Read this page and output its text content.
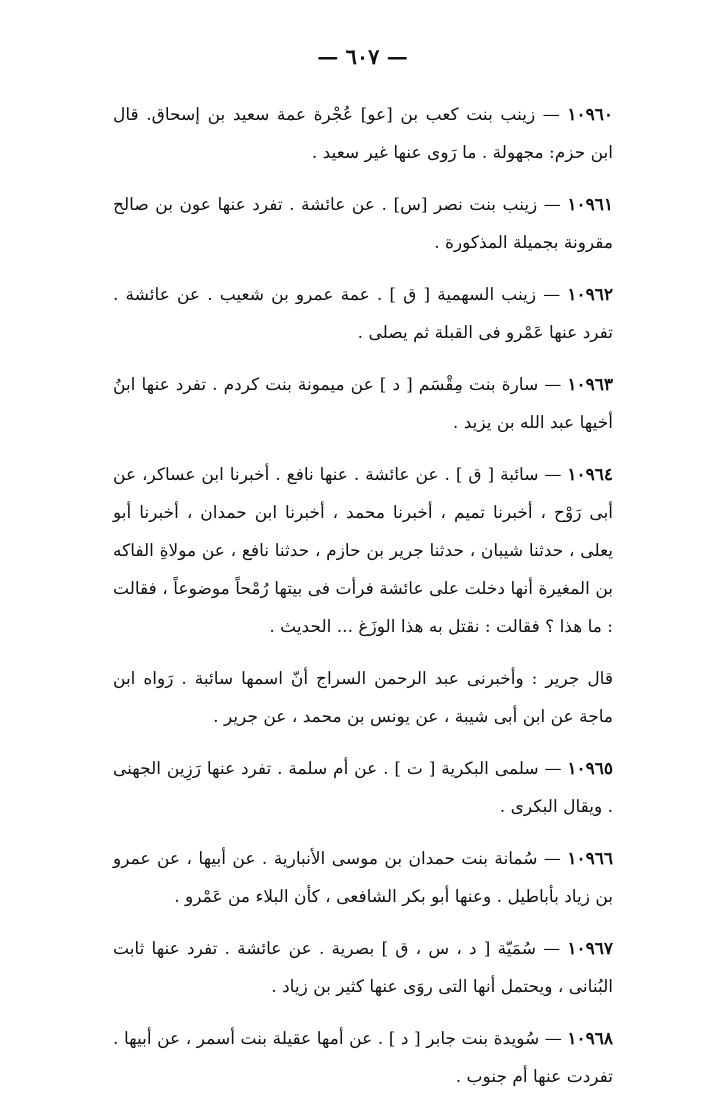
— ٦٠٧ —

١٠٩٦٠ — زينب بنت كعب بن [عو] عُجْرة عمة سعيد بن إسحاق. قال ابن حزم: مجهولة . ما رَوى عنها غير سعيد .

١٠٩٦١ — زينب بنت نصر [س] . عن عائشة . تفرد عنها عون بن صالح مقرونة بجميلة المذكورة .

١٠٩٦٢ — زينب السهمية [ ق ] . عمة عمرو بن شعيب . عن عائشة . تفرد عنها عَمْرو فى القبلة ثم يصلى .

١٠٩٦٣ — سارة بنت مِقْسَم [ د ] عن ميمونة بنت كردم . تفرد عنها ابنُ أخيها عبد الله بن يزيد .

١٠٩٦٤ — سائبة [ ق ] . عن عائشة . عنها نافع . أخبرنا ابن عساكر، عن أبى رَوْح ، أخبرنا تميم ، أخبرنا محمد ، أخبرنا ابن حمدان ، أخبرنا أبو يعلى ، حدثنا شيبان ، حدثنا جرير بن حازم ، حدثنا نافع ، عن مولاةِ الفاكه بن المغيرة أنها دخلت على عائشة فرأت فى بيتها رُمْحاً موضوعاً ، فقالت : ما هذا ؟ فقالت : نقتل به هذا الوزَغ ... الحديث .

قال جرير : وأخبرنى عبد الرحمن السراج أنّ اسمها سائبة . رَواه ابن ماجة عن ابن أبى شيبة ، عن يونس بن محمد ، عن جرير .

١٠٩٦٥ — سلمى البكرية [ ت ] . عن أم سلمة . تفرد عنها رَزِين الجهنى . ويقال البكرى .

١٠٩٦٦ — سُمانة بنت حمدان بن موسى الأنبارية . عن أبيها ، عن عمرو بن زياد بأباطيل . وعنها أبو بكر الشافعى ، كأن البلاء من عَمْرو .

١٠٩٦٧ — سُمَيّة [ د ، س ، ق ] بصرية . عن عائشة . تفرد عنها ثابت البُنانى ، ويحتمل أنها التى روَى عنها كثير بن زياد .

١٠٩٦٨ — سُويدة بنت جابر [ د ] . عن أمها عقيلة بنت أسمر ، عن أبيها . تفردت عنها أم جنوب .
